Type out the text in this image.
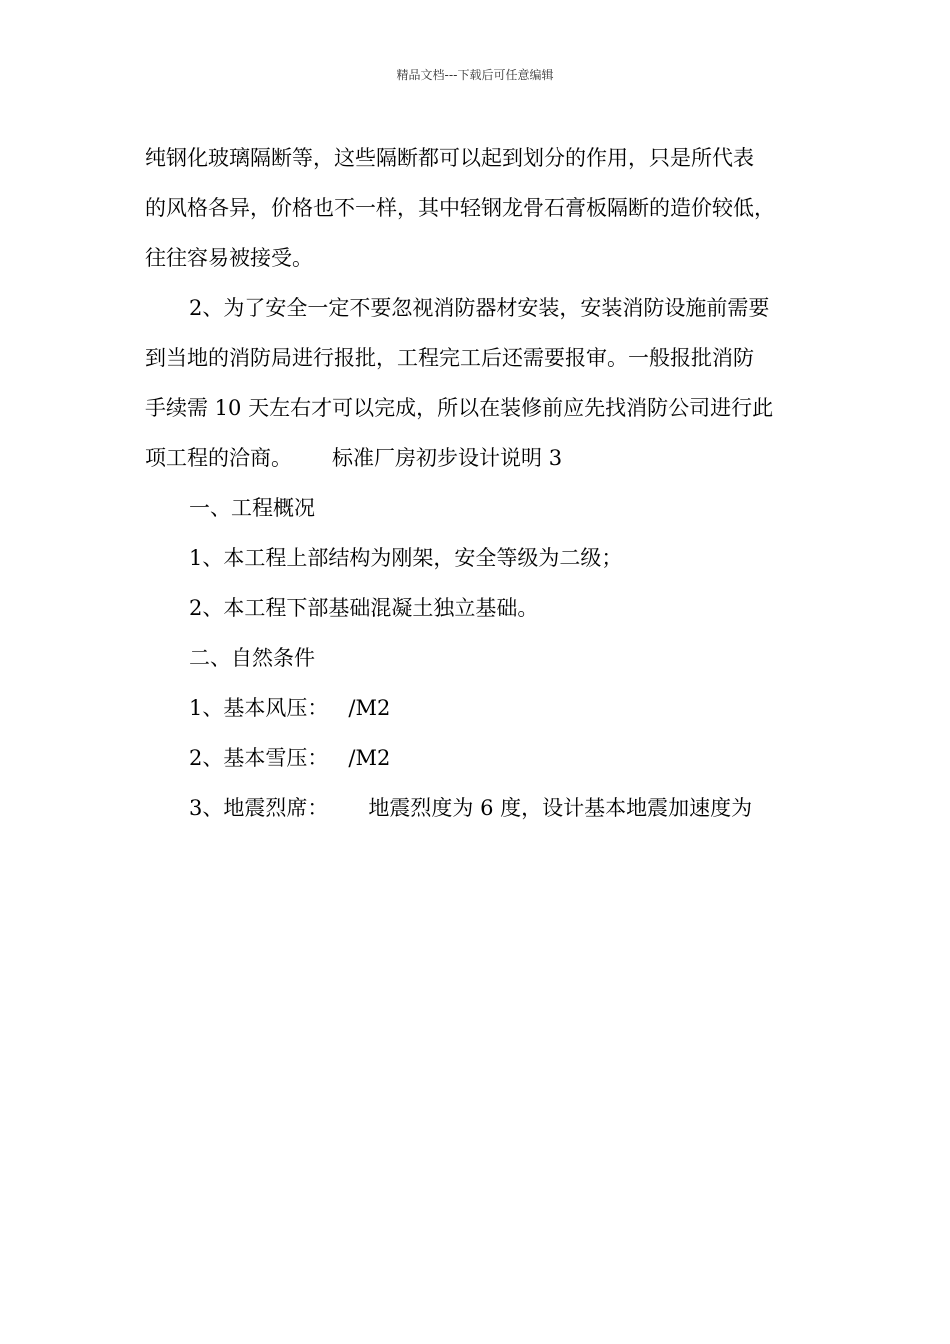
精品文档---下载后可任意编辑
纯钢化玻璃隔断等，这些隔断都可以起到划分的作用，只是所代表
的风格各异，价格也不一样，其中轻钢龙骨石膏板隔断的造价较低，
往往容易被接受。
2、为了安全一定不要忽视消防器材安装，安装消防设施前需要
到当地的消防局进行报批，工程完工后还需要报审。一般报批消防
手续需 10 天左右才可以完成，所以在装修前应先找消防公司进行此
项工程的洽商。      标准厂房初步设计说明 3
一、工程概况
1、本工程上部结构为刚架，安全等级为二级；
2、本工程下部基础混凝土独立基础。
二、自然条件
1、基本风压：   /M2
2、基本雪压：   /M2
3、地震烈席：      地震烈度为 6 度，设计基本地震加速度为
